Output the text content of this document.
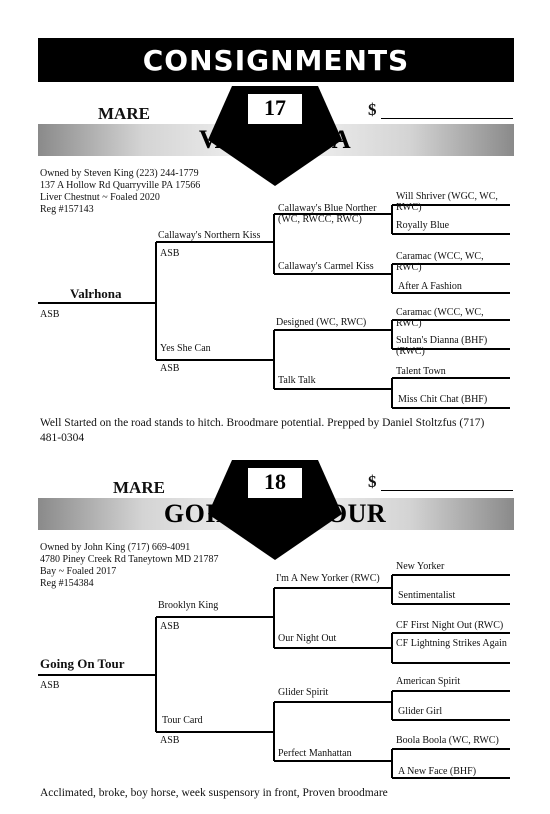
CONSIGNMENTS
MARE	$
17
VALRHONA
Owned by Steven King (223) 244-1779
137 A Hollow Rd Quarryville PA 17566
Liver Chestnut ~ Foaled 2020
Reg #157143
Valrhona
ASB
Callaway's Northern Kiss
ASB
Yes She Can
ASB
Callaway's Blue Norther (WC, RWCC, RWC)
Callaway's Carmel Kiss
Designed (WC, RWC)
Talk Talk
Will Shriver (WGC, WC, RWC)
Royally Blue
Caramac (WCC, WC, RWC)
After A Fashion
Caramac (WCC, WC, RWC)
Sultan's Dianna (BHF) (RWC)
Talent Town
Miss Chit Chat (BHF)
Well Started on the road stands to hitch. Broodmare potential. Prepped by Daniel Stoltzfus (717) 481-0304
MARE	$
18
GOING ON TOUR
Owned by John King (717) 669-4091
4780 Piney Creek Rd Taneytown MD 21787
Bay ~ Foaled 2017
Reg #154384
Going On Tour
ASB
Brooklyn King
ASB
Tour Card
ASB
I'm A New Yorker (RWC)
Our Night Out
Glider Spirit
Perfect Manhattan
New Yorker
Sentimentalist
CF First Night Out (RWC)
CF Lightning Strikes Again
American Spirit
Glider Girl
Boola Boola (WC, RWC)
A New Face (BHF)
Acclimated, broke, boy horse, week suspensory in front, Proven broodmare
